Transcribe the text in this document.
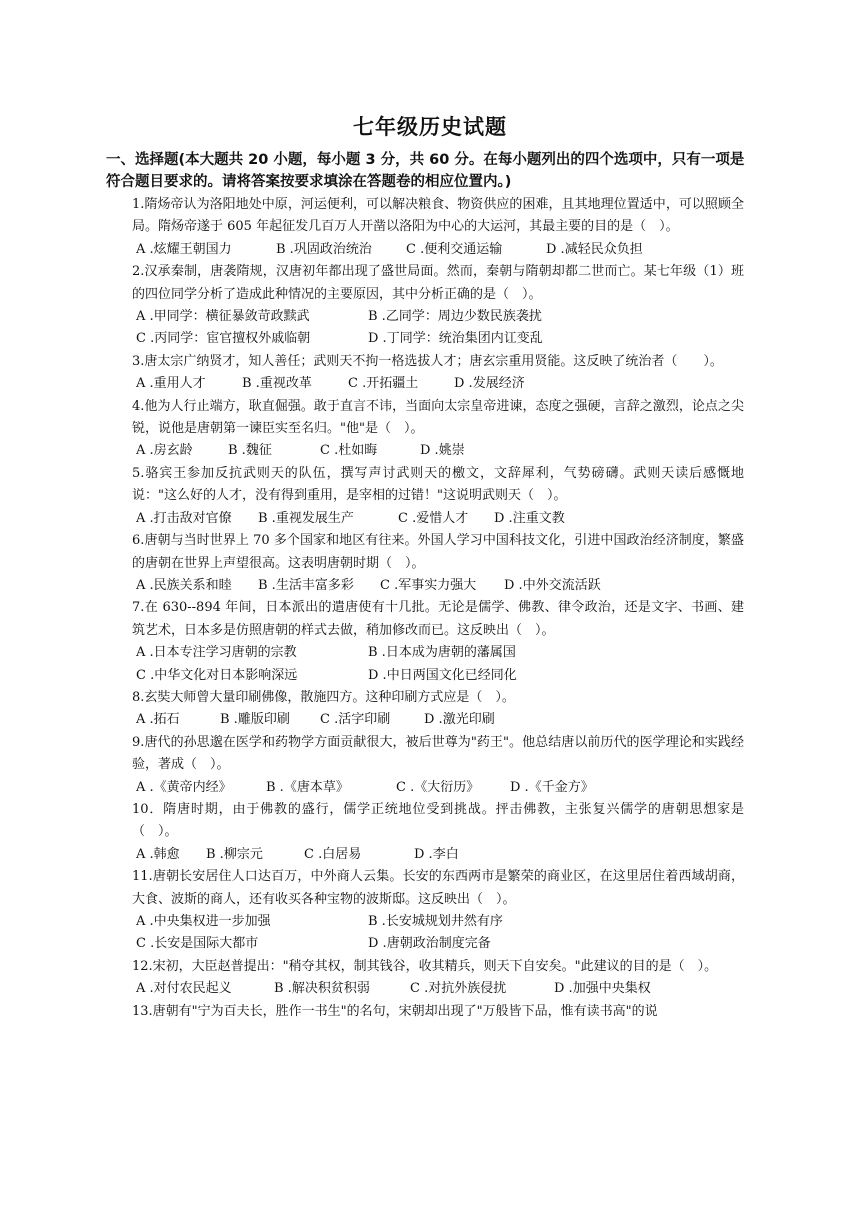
七年级历史试题
一、选择题(本大题共 20 小题，每小题 3 分，共 60 分。在每小题列出的四个选项中，只有一项是符合题目要求的。请将答案按要求填涂在答题卷的相应位置内。)
1.隋炀帝认为洛阳地处中原，河运便利，可以解决粮食、物资供应的困难，且其地理位置适中，可以照顾全局。隋炀帝遂于 605 年起征发几百万人开凿以洛阳为中心的大运河，其最主要的目的是（　）。
A .炫耀王朝国力	B .巩固政治统治	C .便利交通运输	D .减轻民众负担
2.汉承秦制，唐袭隋规，汉唐初年都出现了盛世局面。然而，秦朝与隋朝却都二世而亡。某七年级（1）班的四位同学分析了造成此种情况的主要原因，其中分析正确的是（　）。
A .甲同学：横征暴敛苛政黩武	B .乙同学：周边少数民族袭扰
C .丙同学：宦官擅权外戚临朝	D .丁同学：统治集团内讧变乱
3.唐太宗广纳贤才，知人善任；武则天不拘一格选拔人才；唐玄宗重用贤能。这反映了统治者（　　）。
A .重用人才	B .重视改革	C .开拓疆土	D .发展经济
4.他为人行止端方，耿直倔强。敢于直言不讳，当面向太宗皇帝进谏，态度之强硬，言辞之激烈，论点之尖锐，说他是唐朝第一谏臣实至名归。"他"是（　）。
A .房玄龄	B .魏征	C .杜如晦	D .姚崇
5.骆宾王参加反抗武则天的队伍，撰写声讨武则天的檄文，文辞犀利，气势磅礴。武则天读后感慨地说："这么好的人才，没有得到重用，是宰相的过错！"这说明武则天（　）。
A .打击敌对官僚 B .重视发展生产	C .爱惜人才 D .注重文教
6.唐朝与当时世界上 70 多个国家和地区有往来。外国人学习中国科技文化，引进中国政治经济制度，繁盛的唐朝在世界上声望很高。这表明唐朝时期（　）。
A .民族关系和睦 B .生活丰富多彩 C .军事实力强大 D .中外交流活跃
7.在 630--894 年间，日本派出的遣唐使有十几批。无论是儒学、佛教、律令政治，还是文字、书画、建筑艺术，日本多是仿照唐朝的样式去做，稍加修改而已。这反映出（　）。
A .日本专注学习唐朝的宗教	B .日本成为唐朝的藩属国
C .中华文化对日本影响深远	D .中日两国文化已经同化
8.玄奘大师曾大量印刷佛像，散施四方。这种印刷方式应是（　）。
A .拓石	B .雕版印刷 C .活字印刷	D .激光印刷
9.唐代的孙思邈在医学和药物学方面贡献很大，被后世尊为"药王"。他总结唐以前历代的医学理论和实践经验，著成（　）。
A .《黄帝内经》	B .《唐本草》	C .《大衍历》 D .《千金方》
10．隋唐时期，由于佛教的盛行，儒学正统地位受到挑战。抨击佛教，主张复兴儒学的唐朝思想家是（　）。
A .韩愈 B .柳宗元	C .白居易	D .李白
11.唐朝长安居住人口达百万，中外商人云集。长安的东西两市是繁荣的商业区，在这里居住着西域胡商，大食、波斯的商人，还有收买各种宝物的波斯邸。这反映出（　）。
A .中央集权进一步加强	B .长安城规划井然有序
C .长安是国际大都市	D .唐朝政治制度完备
12.宋初，大臣赵普提出："稍夺其权，制其钱谷，收其精兵，则天下自安矣。"此建议的目的是（　）。
A .对付农民起义	B .解决积贫积弱	C .对抗外族侵扰	D .加强中央集权
13.唐朝有"宁为百夫长，胜作一书生"的名句，宋朝却出现了"万般皆下品，惟有读书高"的说
